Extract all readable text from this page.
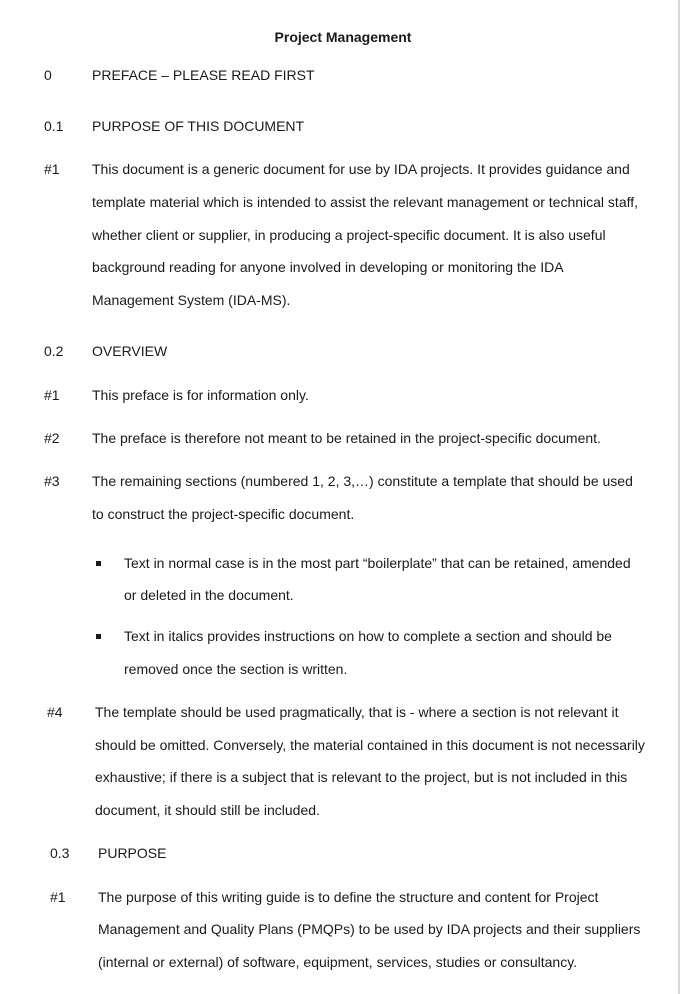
Project Management
0	PREFACE – PLEASE READ FIRST
0.1 PURPOSE OF THIS DOCUMENT
#1 This document is a generic document for use by IDA projects. It provides guidance and
template material which is intended to assist the relevant management or technical staff,
whether client or supplier, in producing a project-specific document. It is also useful
background reading for anyone involved in developing or monitoring the IDA
Management System (IDA-MS).
0.2 OVERVIEW
#1 This preface is for information only.
#2 The preface is therefore not meant to be retained in the project-specific document.
#3 The remaining sections (numbered 1, 2, 3,…) constitute a template that should be used
to construct the project-specific document.
Text in normal case is in the most part “boilerplate” that can be retained, amended
or deleted in the document.
Text in italics provides instructions on how to complete a section and should be
removed once the section is written.
#4 The template should be used pragmatically, that is - where a section is not relevant it
should be omitted. Conversely, the material contained in this document is not necessarily
exhaustive; if there is a subject that is relevant to the project, but is not included in this
document, it should still be included.
0.3 PURPOSE
#1 The purpose of this writing guide is to define the structure and content for Project
Management and Quality Plans (PMQPs) to be used by IDA projects and their suppliers
(internal or external) of software, equipment, services, studies or consultancy.
